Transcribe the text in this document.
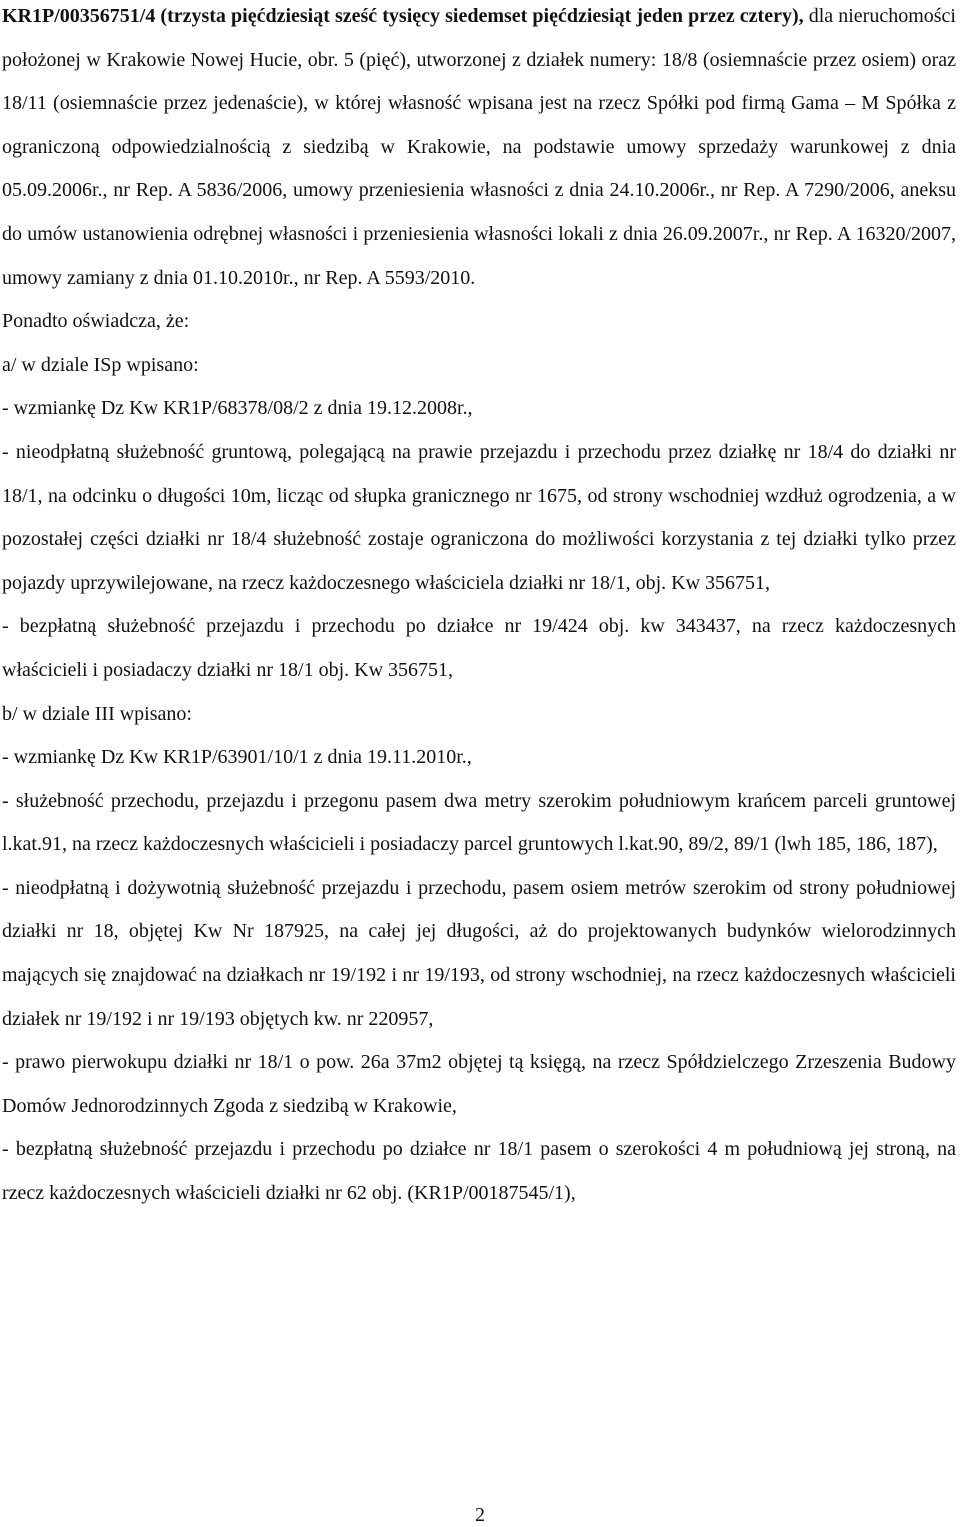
KR1P/00356751/4 (trzysta pięćdziesiąt sześć tysięcy siedemset pięćdziesiąt jeden przez cztery), dla nieruchomości położonej w Krakowie Nowej Hucie, obr. 5 (pięć), utworzonej z działek numery: 18/8 (osiemnaście przez osiem) oraz 18/11 (osiemnaście przez jedenaście), w której własność wpisana jest na rzecz Spółki pod firmą Gama – M Spółka z ograniczoną odpowiedzialnością z siedzibą w Krakowie, na podstawie umowy sprzedaży warunkowej z dnia 05.09.2006r., nr Rep. A 5836/2006, umowy przeniesienia własności z dnia 24.10.2006r., nr Rep. A 7290/2006, aneksu do umów ustanowienia odrębnej własności i przeniesienia własności lokali z dnia 26.09.2007r., nr Rep. A 16320/2007, umowy zamiany z dnia 01.10.2010r., nr Rep. A 5593/2010.

Ponadto oświadcza, że:

a/ w dziale ISp wpisano:

- wzmiankę Dz Kw KR1P/68378/08/2 z dnia 19.12.2008r.,

- nieodpłatną służebność gruntową, polegającą na prawie przejazdu i przechodu przez działkę nr 18/4 do działki nr 18/1, na odcinku o długości 10m, licząc od słupka granicznego nr 1675, od strony wschodniej wzdłuż ogrodzenia, a w pozostałej części działki nr 18/4 służebność zostaje ograniczona do możliwości korzystania z tej działki tylko przez pojazdy uprzywilejowane, na rzecz każdoczesnego właściciela działki nr 18/1, obj. Kw 356751,

- bezpłatną służebność przejazdu i przechodu po działce nr 19/424 obj. kw 343437, na rzecz każdoczesnych właścicieli i posiadaczy działki nr 18/1 obj. Kw 356751,

b/ w dziale III wpisano:

- wzmiankę Dz Kw KR1P/63901/10/1 z dnia 19.11.2010r.,

- służebność przechodu, przejazdu i przegonu pasem dwa metry szerokim południowym krańcem parceli gruntowej l.kat.91, na rzecz każdoczesnych właścicieli i posiadaczy parcel gruntowych l.kat.90, 89/2, 89/1 (lwh 185, 186, 187),

- nieodpłatną i dożywotnią służebność przejazdu i przechodu, pasem osiem metrów szerokim od strony południowej działki nr 18, objętej Kw Nr 187925, na całej jej długości, aż do projektowanych budynków wielorodzinnych mających się znajdować na działkach nr 19/192 i nr 19/193, od strony wschodniej, na rzecz każdoczesnych właścicieli działek nr 19/192 i nr 19/193 objętych kw. nr 220957,

- prawo pierwokupu działki nr 18/1 o pow. 26a 37m2 objętej tą księgą, na rzecz Spółdzielczego Zrzeszenia Budowy Domów Jednorodzinnych Zgoda z siedzibą w Krakowie,

- bezpłatną służebność przejazdu i przechodu po działce nr 18/1 pasem o szerokości 4 m południową jej stroną, na rzecz każdoczesnych właścicieli działki nr 62 obj. (KR1P/00187545/1),

2
